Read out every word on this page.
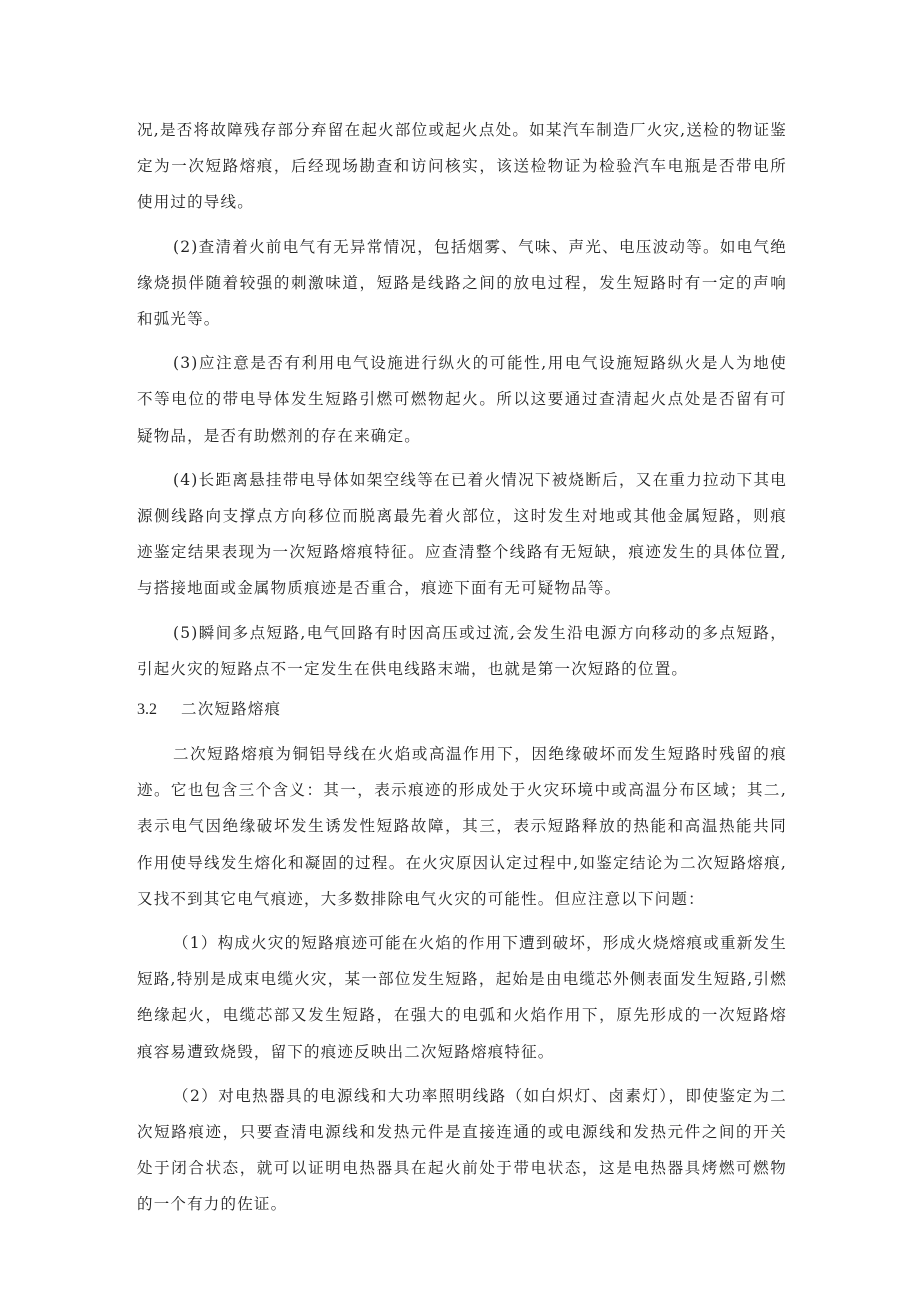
况,是否将故障残存部分弃留在起火部位或起火点处。如某汽车制造厂火灾,送检的物证鉴定为一次短路熔痕，后经现场勘查和访问核实，该送检物证为检验汽车电瓶是否带电所使用过的导线。

(2)查清着火前电气有无异常情况，包括烟雾、气味、声光、电压波动等。如电气绝缘烧损伴随着较强的刺激味道，短路是线路之间的放电过程，发生短路时有一定的声响和弧光等。

(3)应注意是否有利用电气设施进行纵火的可能性,用电气设施短路纵火是人为地使不等电位的带电导体发生短路引燃可燃物起火。所以这要通过查清起火点处是否留有可疑物品，是否有助燃剂的存在来确定。

(4)长距离悬挂带电导体如架空线等在已着火情况下被烧断后，又在重力拉动下其电源侧线路向支撑点方向移位而脱离最先着火部位，这时发生对地或其他金属短路，则痕迹鉴定结果表现为一次短路熔痕特征。应查清整个线路有无短缺，痕迹发生的具体位置,与搭接地面或金属物质痕迹是否重合，痕迹下面有无可疑物品等。

(5)瞬间多点短路,电气回路有时因高压或过流,会发生沿电源方向移动的多点短路，引起火灾的短路点不一定发生在供电线路末端，也就是第一次短路的位置。

3.2 二次短路熔痕

二次短路熔痕为铜铝导线在火焰或高温作用下，因绝缘破坏而发生短路时残留的痕迹。它也包含三个含义：其一，表示痕迹的形成处于火灾环境中或高温分布区域；其二,表示电气因绝缘破坏发生诱发性短路故障，其三，表示短路释放的热能和高温热能共同作用使导线发生熔化和凝固的过程。在火灾原因认定过程中,如鉴定结论为二次短路熔痕,又找不到其它电气痕迹，大多数排除电气火灾的可能性。但应注意以下问题：

（1）构成火灾的短路痕迹可能在火焰的作用下遭到破坏，形成火烧熔痕或重新发生短路,特别是成束电缆火灾，某一部位发生短路，起始是由电缆芯外侧表面发生短路,引燃绝缘起火，电缆芯部又发生短路，在强大的电弧和火焰作用下，原先形成的一次短路熔痕容易遭致烧毁，留下的痕迹反映出二次短路熔痕特征。

（2）对电热器具的电源线和大功率照明线路（如白炽灯、卤素灯），即使鉴定为二次短路痕迹，只要查清电源线和发热元件是直接连通的或电源线和发热元件之间的开关处于闭合状态，就可以证明电热器具在起火前处于带电状态，这是电热器具烤燃可燃物的一个有力的佐证。
